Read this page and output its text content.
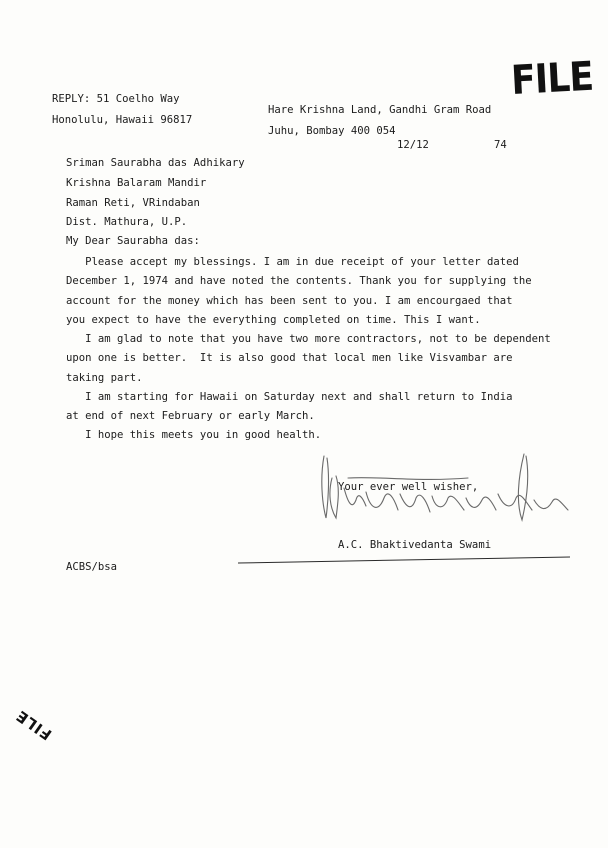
FILE
REPLY: 51 Coelho Way
Honolulu, Hawaii 96817
Hare Krishna Land, Gandhi Gram Road
Juhu, Bombay 400 054
12/12	74
Sriman Saurabha das Adhikary
Krishna Balaram Mandir
Raman Reti, VRindaban
Dist. Mathura, U.P.
My Dear Saurabha das:
Please accept my blessings. I am in due receipt of your letter dated
December 1, 1974 and have noted the contents. Thank you for supplying the
account for the money which has been sent to you. I am encourgaed that
you expect to have the everything completed on time. This I want.
I am glad to note that you have two more contractors, not to be dependent
upon one is better.  It is also good that local men like Visvambar are
taking part.
I am starting for Hawaii on Saturday next and shall return to India
at end of next February or early March.
I hope this meets you in good health.
Your ever well wisher,
A.C. Bhaktivedanta Swami
ACBS/bsa
FILE
